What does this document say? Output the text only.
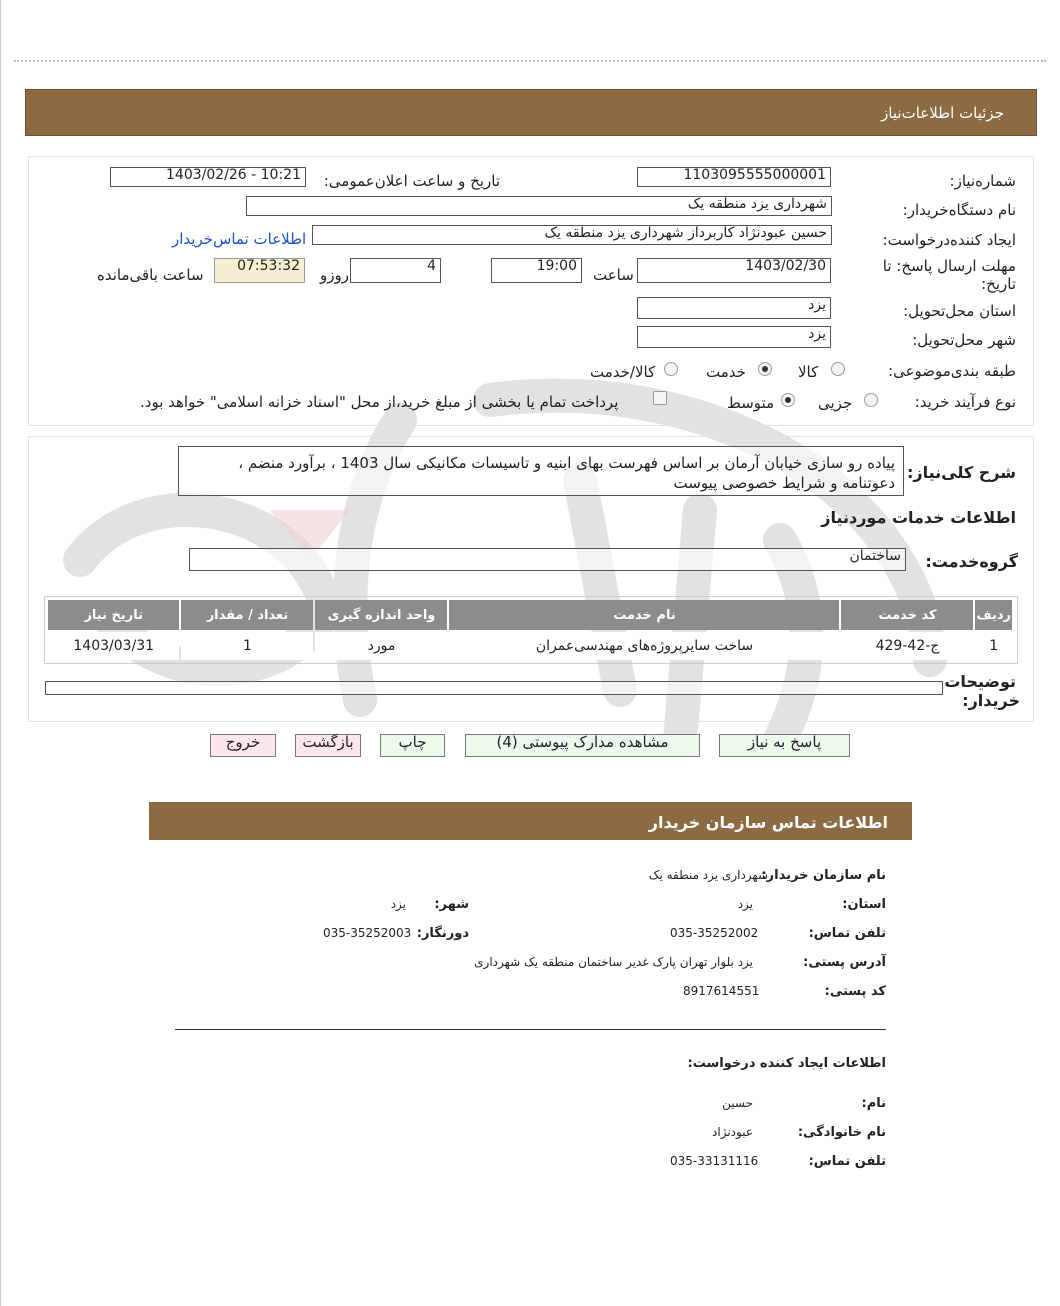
جزئیات اطلاعات‌نیاز
شماره‌نیاز:
1103095555000001
تاریخ و ساعت اعلان‌عمومی:
1403/02/26 - 10:21
نام دستگاه‌خریدار:
شهرداری یزد منطقه یک
ایجاد کننده‌درخواست:
حسین عبودنژاد کاربرداز شهرداری یزد منطقه یک
اطلاعات تماس‌خریدار
مهلت ارسال پاسخ: تا
تاریخ:
1403/02/30
ساعت
19:00
4
روزو
07:53:32
ساعت باقی‌مانده
استان محل‌تحویل:
یزد
شهر محل‌تحویل:
یزد
طبقه بندی‌موضوعی:
کالا
خدمت
کالا/خدمت
نوع فرآیند خرید:
جزیی
متوسط
پرداخت تمام یا بخشی از مبلغ خرید،از محل "اسناد خزانه اسلامی" خواهد بود.
شرح کلی‌نیاز:
پیاده رو سازی خیابان آرمان بر اساس فهرست بهای ابنیه و تاسیسات مکانیکی سال 1403 ، برآورد منضم ، دعوتنامه و شرایط خصوصی پیوست
اطلاعات خدمات موردنیاز
گروه‌خدمت:
ساختمان
ردیف	کد خدمت	نام خدمت	واحد اندازه گیری	تعداد / مقدار	تاریخ نیاز
1	ج-42-429	ساخت سایرپروژه‌های مهندسی‌عمران	مورد	1	1403/03/31
توضیحات
خریدار:
پاسخ به نیاز
مشاهده مدارک پیوستی (4)
چاپ
بازگشت
خروج
اطلاعات تماس سازمان خریدار
نام سازمان خریدار:
شهرداری یزد منطقه یک
استان:
یزد
شهر:
یزد
تلفن تماس:
035-35252002
دورنگار:
035-35252003
آدرس پستی:
یزد بلوار تهران پارک غدیر ساختمان منطقه یک شهرداری
کد پستی:
8917614551
اطلاعات ایجاد کننده درخواست:
نام:
حسین
نام خانوادگی:
عبودنژاد
تلفن تماس:
035-33131116
